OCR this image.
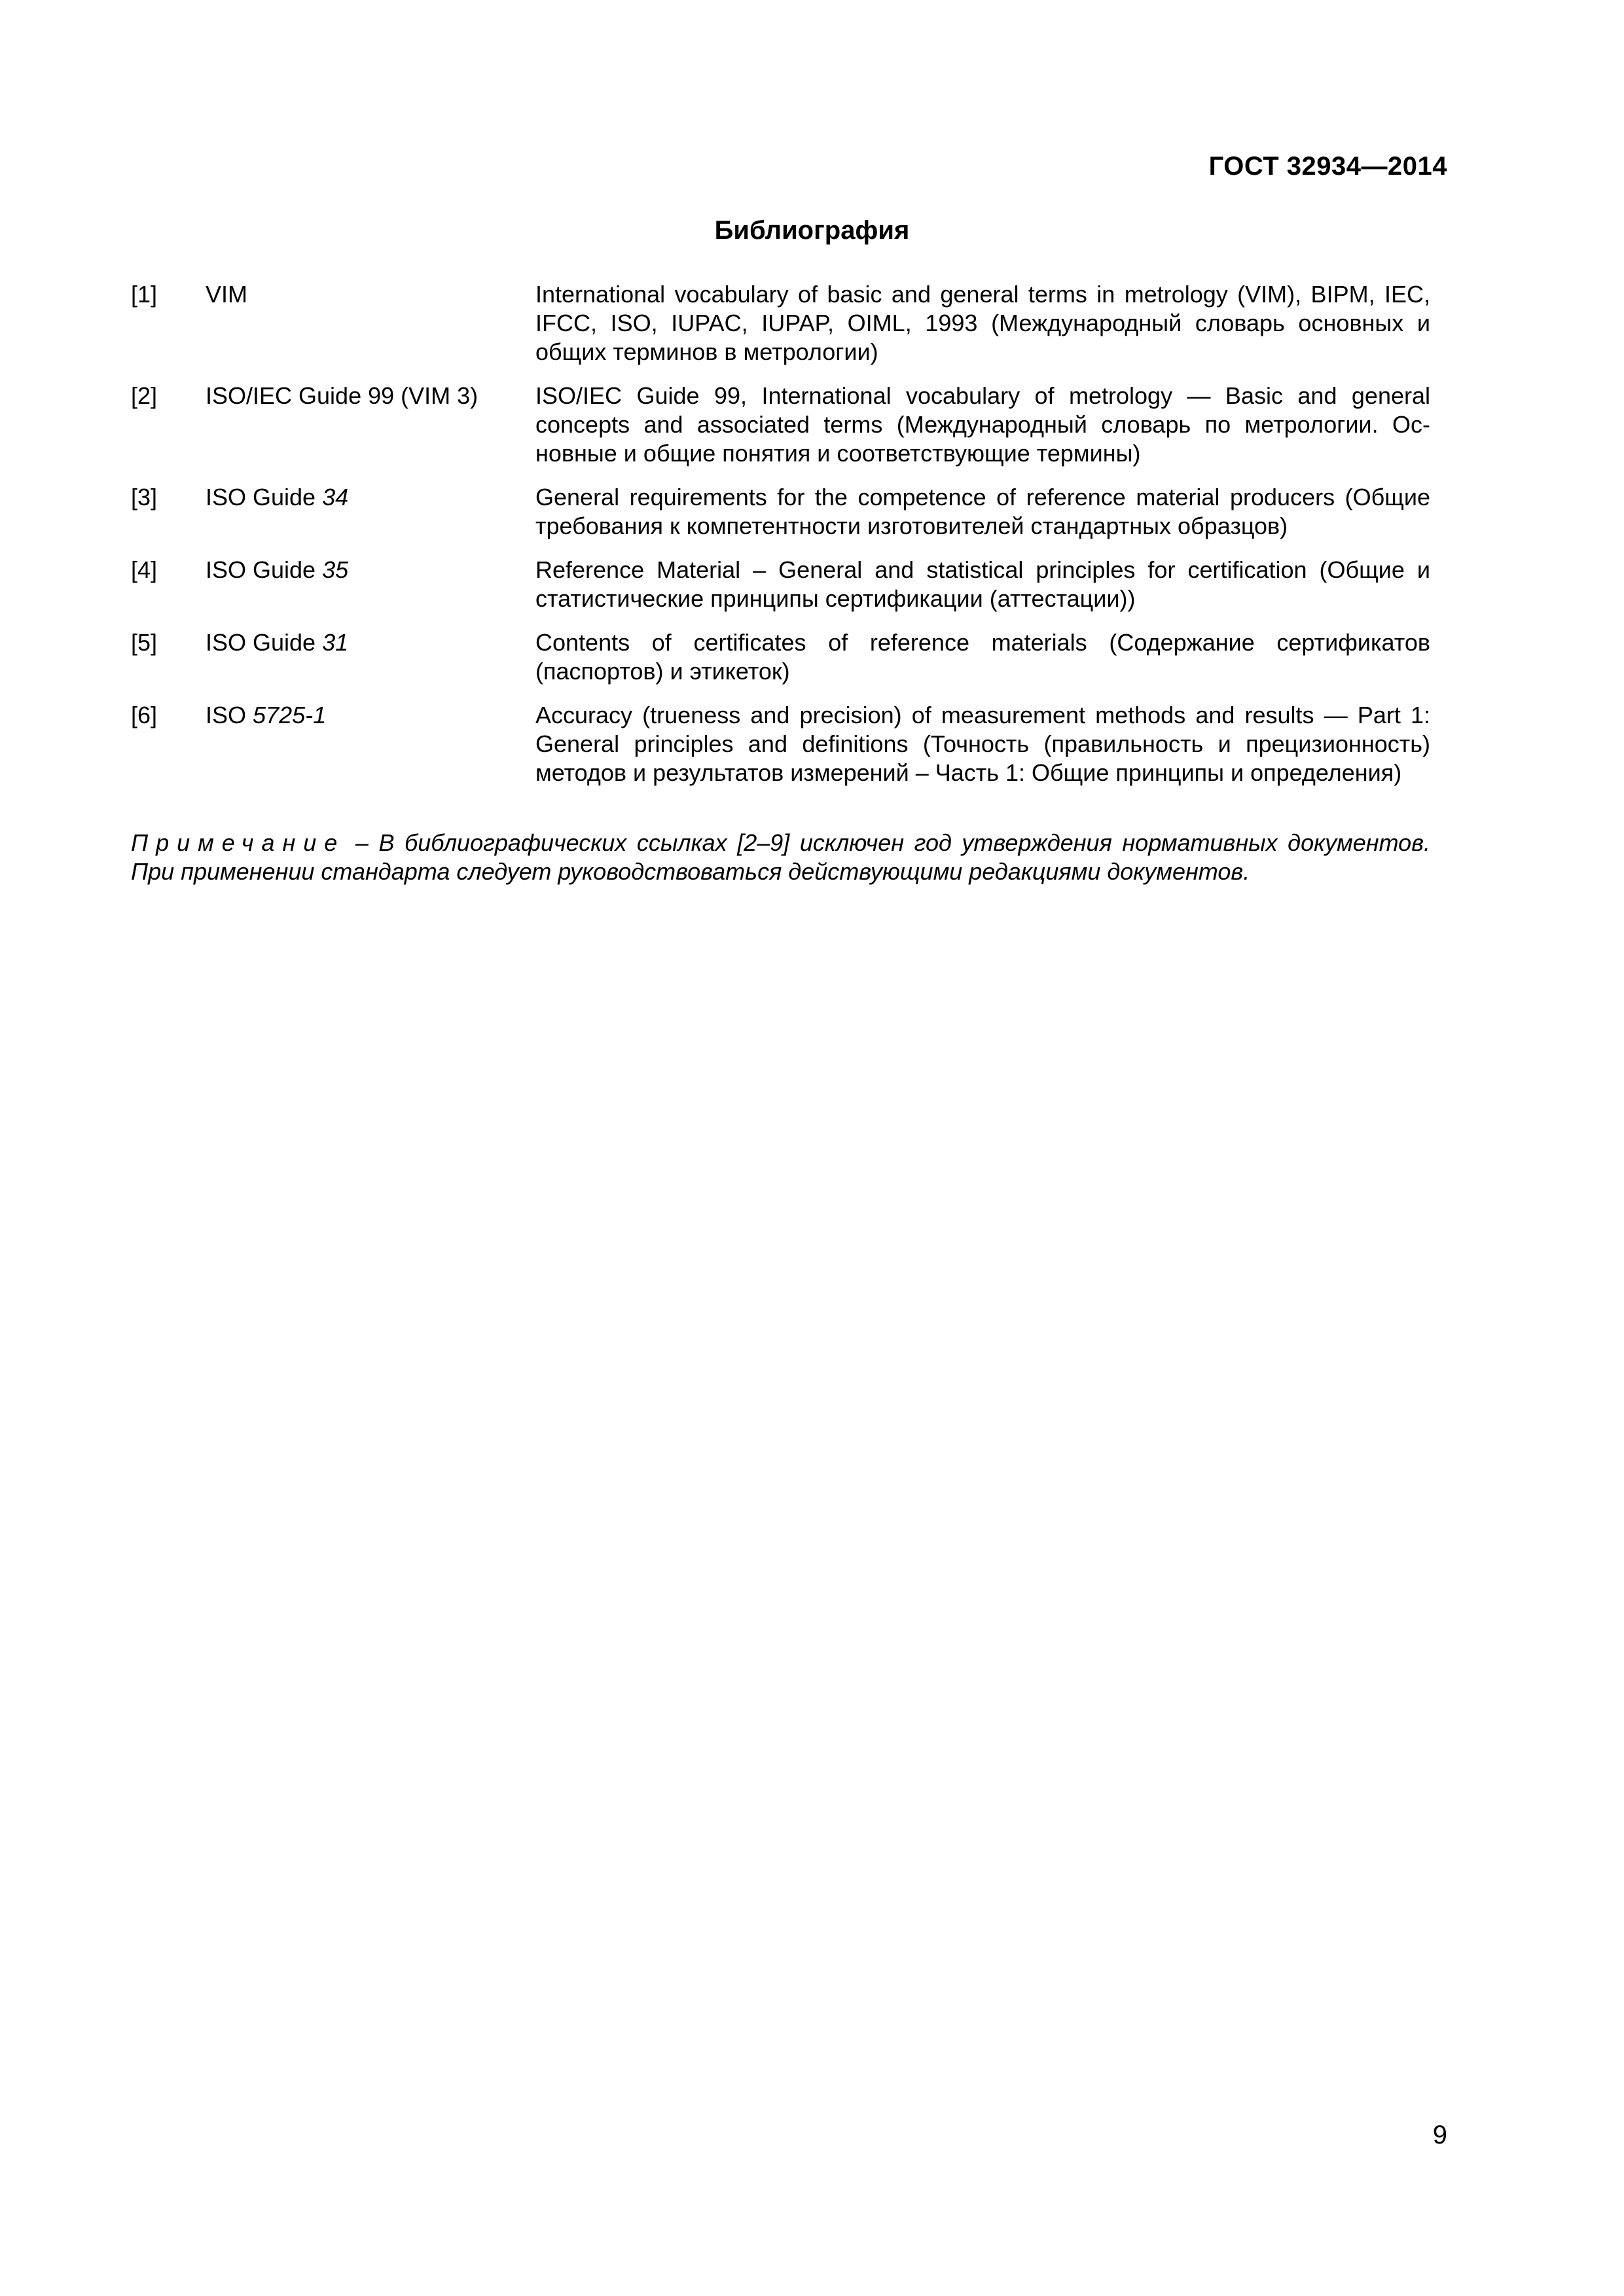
ГОСТ 32934—2014
Библиография
[1]	VIM	International vocabulary of basic and general terms in metrology (VIM), BIPM, IEC, IFCC, ISO, IUPAC, IUPAP, OIML, 1993 (Международный словарь основных и общих терминов в метрологии)
[2]	ISO/IEC Guide 99 (VIM 3)	ISO/IEC Guide 99, International vocabulary of metrology — Basic and general concepts and associated terms (Международный словарь по метрологии. Основные и общие понятия и соответствующие термины)
[3]	ISO Guide 34	General requirements for the competence of reference material producers (Общие требования к компетентности изготовителей стандартных образцов)
[4]	ISO Guide 35	Reference Material – General and statistical principles for certification (Общие и статистические принципы сертификации (аттестации))
[5]	ISO Guide 31	Contents of certificates of reference materials (Содержание сертификатов (паспортов) и этикеток)
[6]	ISO 5725-1	Accuracy (trueness and precision) of measurement methods and results — Part 1: General principles and definitions (Точность (правильность и прецизионность) методов и результатов измерений – Часть 1: Общие принципы и определения)
Примечание – В библиографических ссылках [2–9] исключен год утверждения нормативных документов. При применении стандарта следует руководствоваться действующими редакциями документов.
9
